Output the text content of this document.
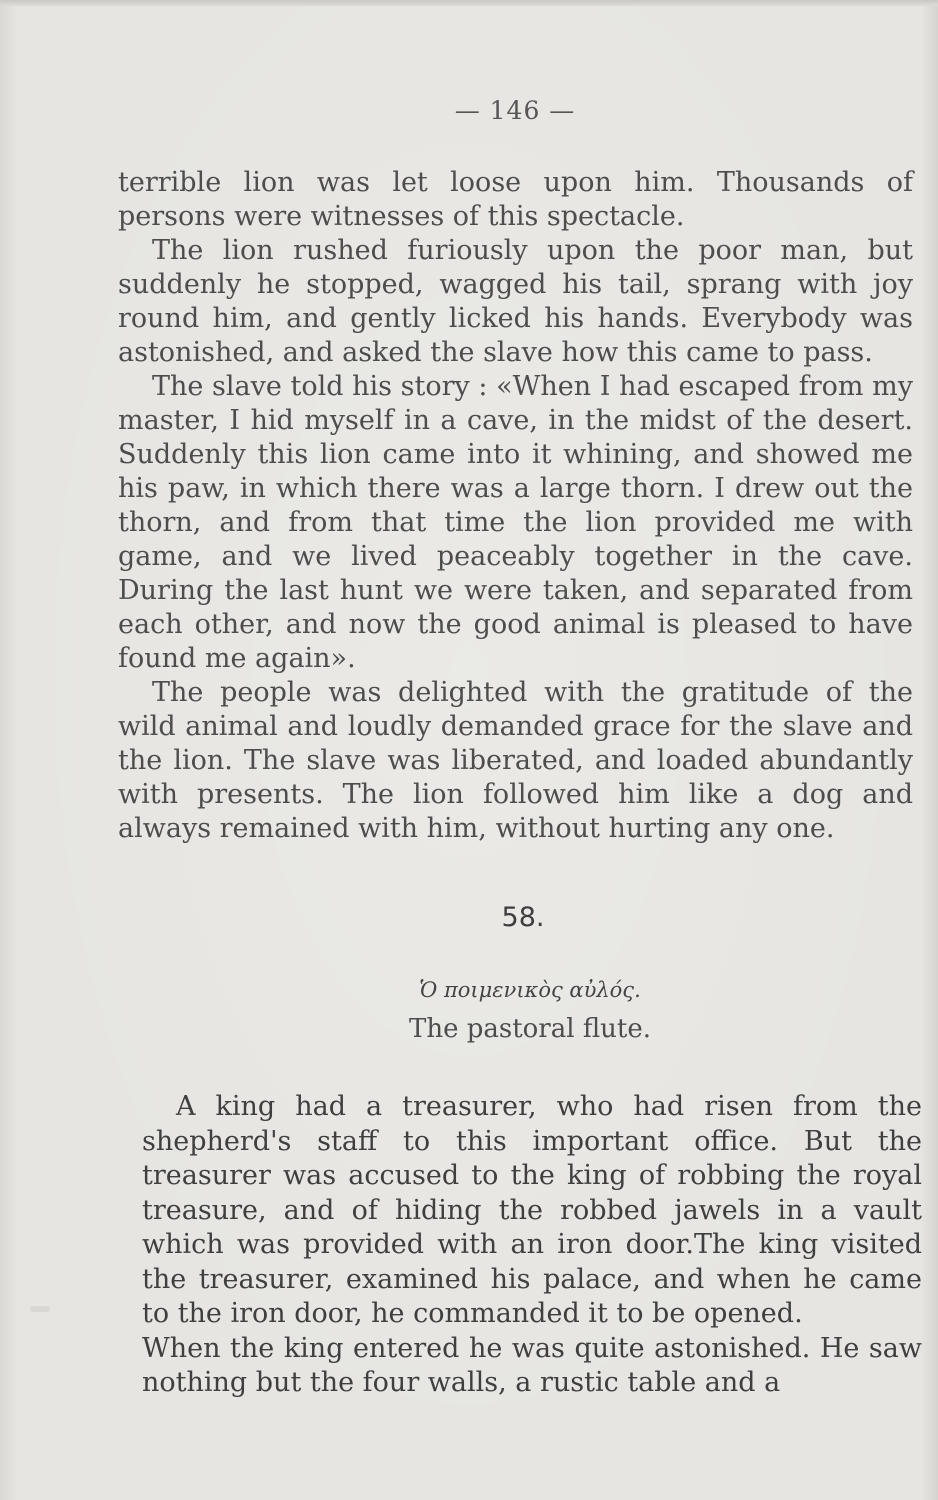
— 146 —

terrible lion was let loose upon him. Thousands of persons were witnesses of this spectacle.

The lion rushed furiously upon the poor man, but suddenly he stopped, wagged his tail, sprang with joy round him, and gently licked his hands. Everybody was astonished, and asked the slave how this came to pass.

The slave told his story : «When I had escaped from my master, I hid myself in a cave, in the midst of the desert. Suddenly this lion came into it whining, and showed me his paw, in which there was a large thorn. I drew out the thorn, and from that time the lion provided me with game, and we lived peaceably together in the cave. During the last hunt we were taken, and separated from each other, and now the good animal is pleased to have found me again».

The people was delighted with the gratitude of the wild animal and loudly demanded grace for the slave and the lion. The slave was liberated, and loaded abundantly with presents. The lion followed him like a dog and always remained with him, without hurting any one.

58.
Ὁ ποιμενικὸς αὐλός.
The pastoral flute.

A king had a treasurer, who had risen from the shepherd's staff to this important office. But the treasurer was accused to the king of robbing the royal treasure, and of hiding the robbed jawels in a vault which was provided with an iron door.The king visited the treasurer, examined his palace, and when he came to the iron door, he commanded it to be opened.

When the king entered he was quite astonished. He saw nothing but the four walls, a rustic table and a
